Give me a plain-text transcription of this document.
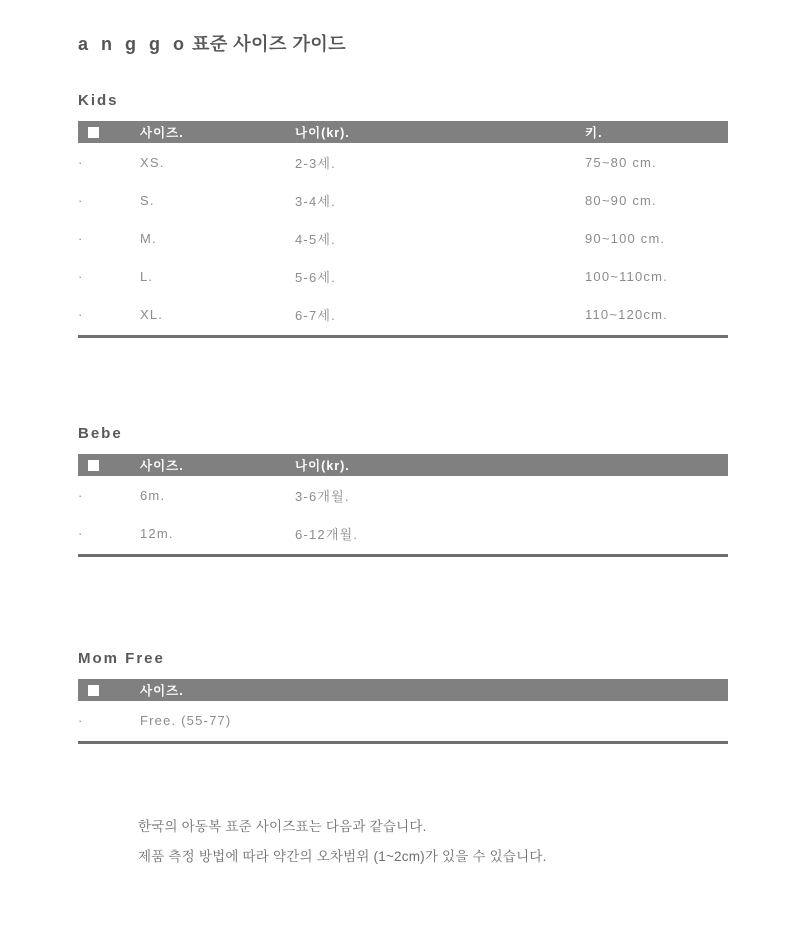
a n g g o 표준 사이즈 가이드
Kids
	사이즈.	나이(kr).	키.
·	XS.	2-3세.	75~80 cm.
·	S.	3-4세.	80~90 cm.
·	M.	4-5세.	90~100 cm.
·	L.	5-6세.	100~110cm.
·	XL.	6-7세.	110~120cm.
Bebe
	사이즈.	나이(kr).	
·	6m.	3-6개월.	
·	12m.	6-12개월.	
Mom Free
	사이즈.		
·	Free. (55-77)		
한국의 아동복 표준 사이즈표는 다음과 같습니다.
제품 측정 방법에 따라 약간의 오차범위 (1~2cm)가 있을 수 있습니다.
